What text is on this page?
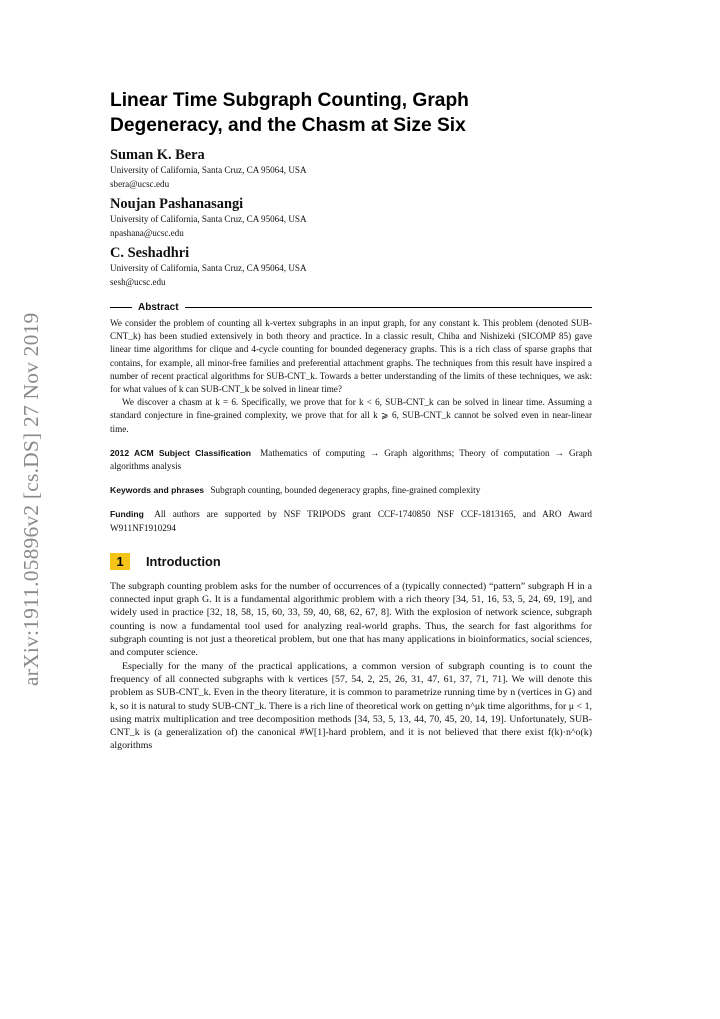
arXiv:1911.05896v2 [cs.DS] 27 Nov 2019
Linear Time Subgraph Counting, Graph
Degeneracy, and the Chasm at Size Six
Suman K. Bera
University of California, Santa Cruz, CA 95064, USA
sbera@ucsc.edu
Noujan Pashanasangi
University of California, Santa Cruz, CA 95064, USA
npashana@ucsc.edu
C. Seshadhri
University of California, Santa Cruz, CA 95064, USA
sesh@ucsc.edu
Abstract

We consider the problem of counting all k-vertex subgraphs in an input graph, for any constant k. This problem (denoted SUB-CNT_k) has been studied extensively in both theory and practice. In a classic result, Chiba and Nishizeki (SICOMP 85) gave linear time algorithms for clique and 4-cycle counting for bounded degeneracy graphs. This is a rich class of sparse graphs that contains, for example, all minor-free families and preferential attachment graphs. The techniques from this result have inspired a number of recent practical algorithms for SUB-CNT_k. Towards a better understanding of the limits of these techniques, we ask: for what values of k can SUB-CNT_k be solved in linear time?

We discover a chasm at k = 6. Specifically, we prove that for k < 6, SUB-CNT_k can be solved in linear time. Assuming a standard conjecture in fine-grained complexity, we prove that for all k ⩾ 6, SUB-CNT_k cannot be solved even in near-linear time.

2012 ACM Subject Classification Mathematics of computing → Graph algorithms; Theory of computation → Graph algorithms analysis
Keywords and phrases Subgraph counting, bounded degeneracy graphs, fine-grained complexity
Funding All authors are supported by NSF TRIPODS grant CCF-1740850 NSF CCF-1813165, and ARO Award W911NF1910294
1	Introduction

The subgraph counting problem asks for the number of occurrences of a (typically connected) “pattern” subgraph H in a connected input graph G. It is a fundamental algorithmic problem with a rich theory [34, 51, 16, 53, 5, 24, 69, 19], and widely used in practice [32, 18, 58, 15, 60, 33, 59, 40, 68, 62, 67, 8]. With the explosion of network science, subgraph counting is now a fundamental tool used for analyzing real-world graphs. Thus, the search for fast algorithms for subgraph counting is not just a theoretical problem, but one that has many applications in bioinformatics, social sciences, and computer science.

Especially for the many of the practical applications, a common version of subgraph counting is to count the frequency of all connected subgraphs with k vertices [57, 54, 2, 25, 26, 31, 47, 61, 37, 71, 71]. We will denote this problem as SUB-CNT_k. Even in the theory literature, it is common to parametrize running time by n (vertices in G) and k, so it is natural to study SUB-CNT_k. There is a rich line of theoretical work on getting n^μk time algorithms, for μ < 1, using matrix multiplication and tree decomposition methods [34, 53, 5, 13, 44, 70, 45, 20, 14, 19]. Unfortunately, SUB-CNT_k is (a generalization of) the canonical #W[1]-hard problem, and it is not believed that there exist f(k)·n^o(k) algorithms
